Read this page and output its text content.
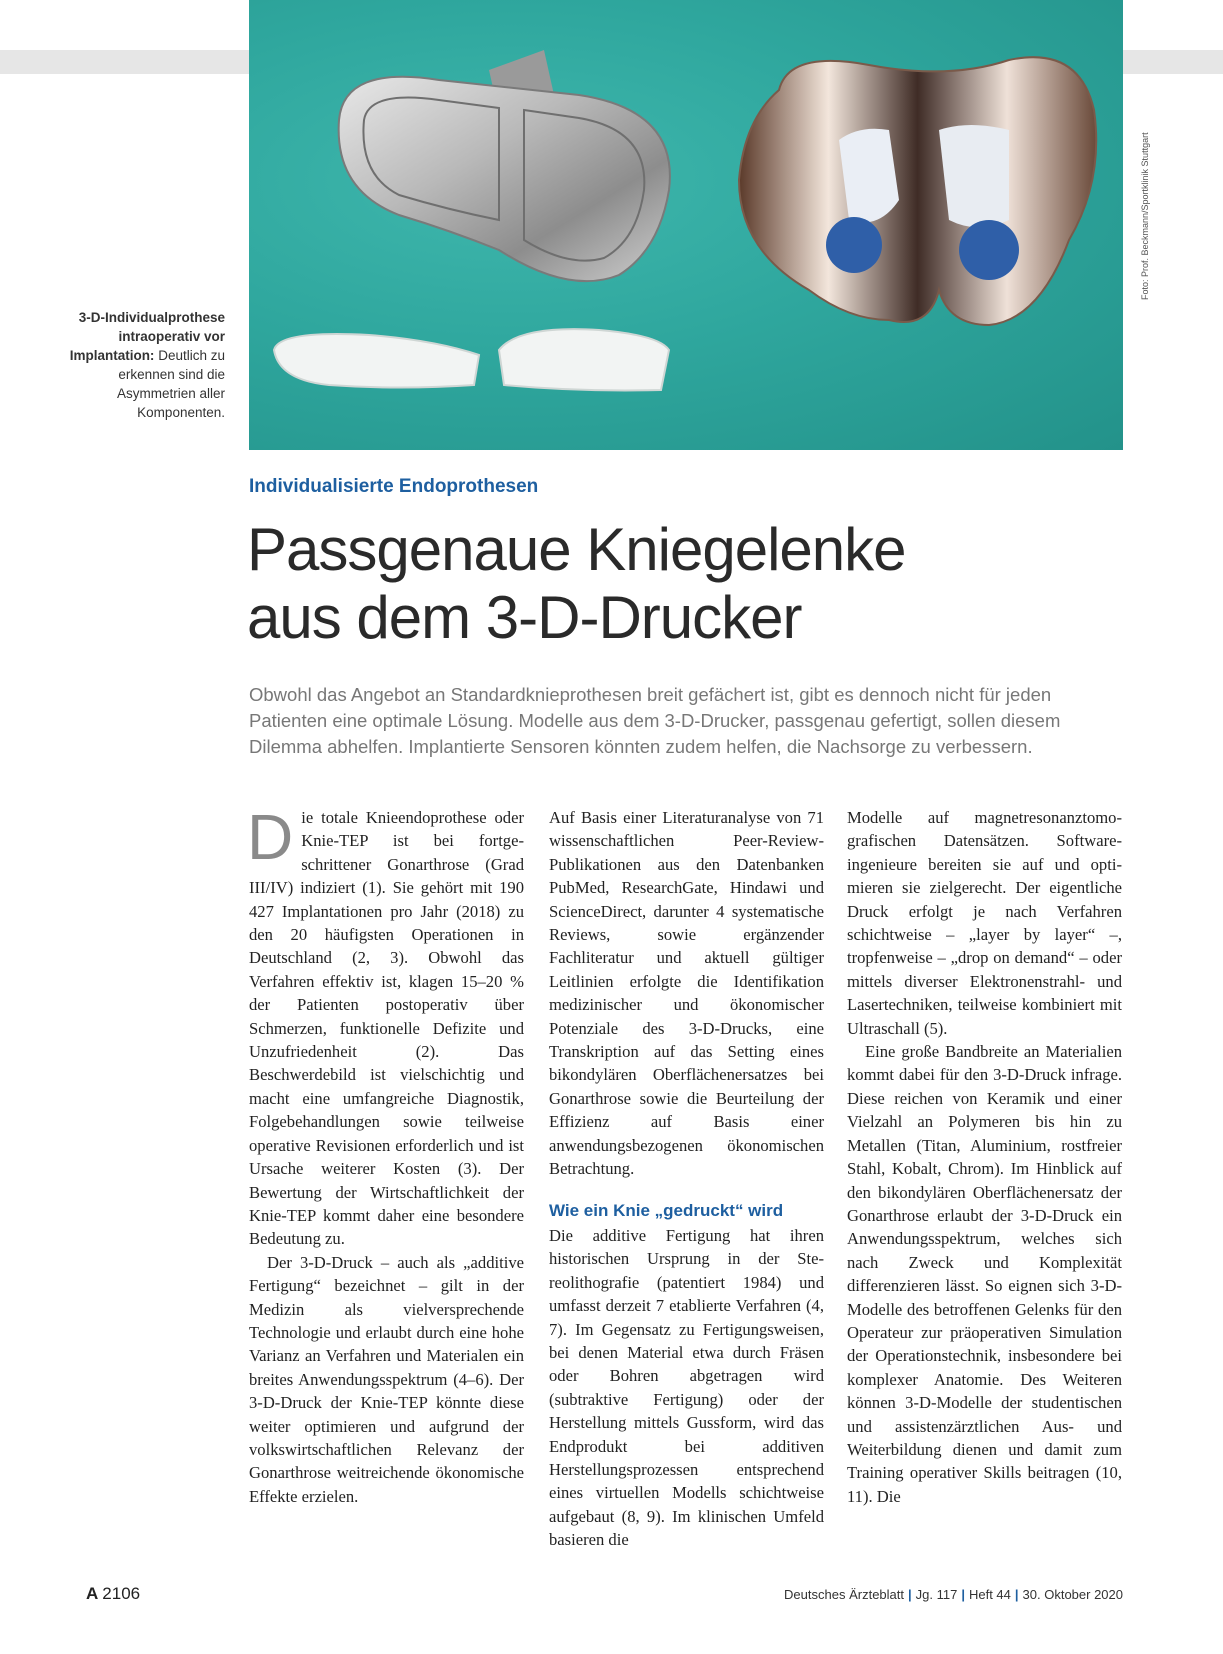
Foto: Prof. Beckmann/Sportklinik Stuttgart
3-D-Individualprothese intraoperativ vor Implantation: Deutlich zu erkennen sind die Asymmetrien aller Komponenten.
Individualisierte Endoprothesen
Passgenaue Kniegelenke
aus dem 3-D-Drucker
Obwohl das Angebot an Standardknieprothesen breit gefächert ist, gibt es dennoch nicht für jeden Patienten eine optimale Lösung. Modelle aus dem 3-D-Drucker, passgenau gefertigt, sollen diesem Dilemma abhelfen. Implantierte Sensoren könnten zudem helfen, die Nachsorge zu verbessern.

Die totale Knieendoprothese oder Knie-TEP ist bei fortgeschrittener Gonarthrose (Grad III/IV) indiziert (1). Sie gehört mit 190 427 Implantationen pro Jahr (2018) zu den 20 häufigsten Operationen in Deutschland (2, 3). Obwohl das Verfahren effektiv ist, klagen 15–20 % der Patienten postoperativ über Schmerzen, funktionelle Defizite und Unzufriedenheit (2). Das Beschwerdebild ist vielschichtig und macht eine umfangreiche Diagnostik, Folgebehandlungen sowie teilweise operative Revisionen erforderlich und ist Ursache weiterer Kosten (3). Der Bewertung der Wirtschaftlichkeit der Knie-TEP kommt daher eine besondere Bedeutung zu.

Der 3-D-Druck – auch als „additive Fertigung“ bezeichnet – gilt in der Medizin als vielversprechende Technologie und erlaubt durch eine hohe Varianz an Verfahren und Materialen ein breites Anwendungsspektrum (4–6). Der 3-D-Druck der Knie-TEP könnte diese weiter optimieren und aufgrund der volkswirtschaftlichen Relevanz der Gonarthrose weitreichende ökonomische Effekte erzielen.

Auf Basis einer Literaturanalyse von 71 wissenschaftlichen Peer-Review-Publikationen aus den Datenbanken PubMed, ResearchGate, Hindawi und ScienceDirect, darunter 4 systematische Reviews, sowie ergänzender Fachliteratur und aktuell gültiger Leitlinien erfolgte die Identifikation medizinischer und ökonomischer Potenziale des 3-D-Drucks, eine Transkription auf das Setting eines bikondylären Oberflächenersatzes bei Gonarthrose sowie die Beurteilung der Effizienz auf Basis einer anwendungsbezogenen ökonomischen Betrachtung.

Wie ein Knie „gedruckt“ wird

Die additive Fertigung hat ihren historischen Ursprung in der Stereolithografie (patentiert 1984) und umfasst derzeit 7 etablierte Verfahren (4, 7). Im Gegensatz zu Fertigungsweisen, bei denen Material etwa durch Fräsen oder Bohren abgetragen wird (subtraktive Fertigung) oder der Herstellung mittels Gussform, wird das Endprodukt bei additiven Herstellungsprozessen entsprechend eines virtuellen Modells schichtweise aufgebaut (8, 9). Im klinischen Umfeld basieren die

Modelle auf magnetresonanztomografischen Datensätzen. Softwareingenieure bereiten sie auf und optimieren sie zielgerecht. Der eigentliche Druck erfolgt je nach Verfahren schichtweise – „layer by layer“ –, tropfenweise – „drop on demand“ – oder mittels diverser Elektronenstrahl- und Lasertechniken, teilweise kombiniert mit Ultraschall (5).

Eine große Bandbreite an Materialien kommt dabei für den 3-D-Druck infrage. Diese reichen von Keramik und einer Vielzahl an Polymeren bis hin zu Metallen (Titan, Aluminium, rostfreier Stahl, Kobalt, Chrom). Im Hinblick auf den bikondylären Oberflächenersatz der Gonarthrose erlaubt der 3-D-Druck ein Anwendungsspektrum, welches sich nach Zweck und Komplexität differenzieren lässt. So eignen sich 3-D-Modelle des betroffenen Gelenks für den Operateur zur präoperativen Simulation der Operationstechnik, insbesondere bei komplexer Anatomie. Des Weiteren können 3-D-Modelle der studentischen und assistenzärztlichen Aus- und Weiterbildung dienen und damit zum Training operativer Skills beitragen (10, 11). Die

A 2106	Deutsches Ärzteblatt | Jg. 117 | Heft 44 | 30. Oktober 2020
